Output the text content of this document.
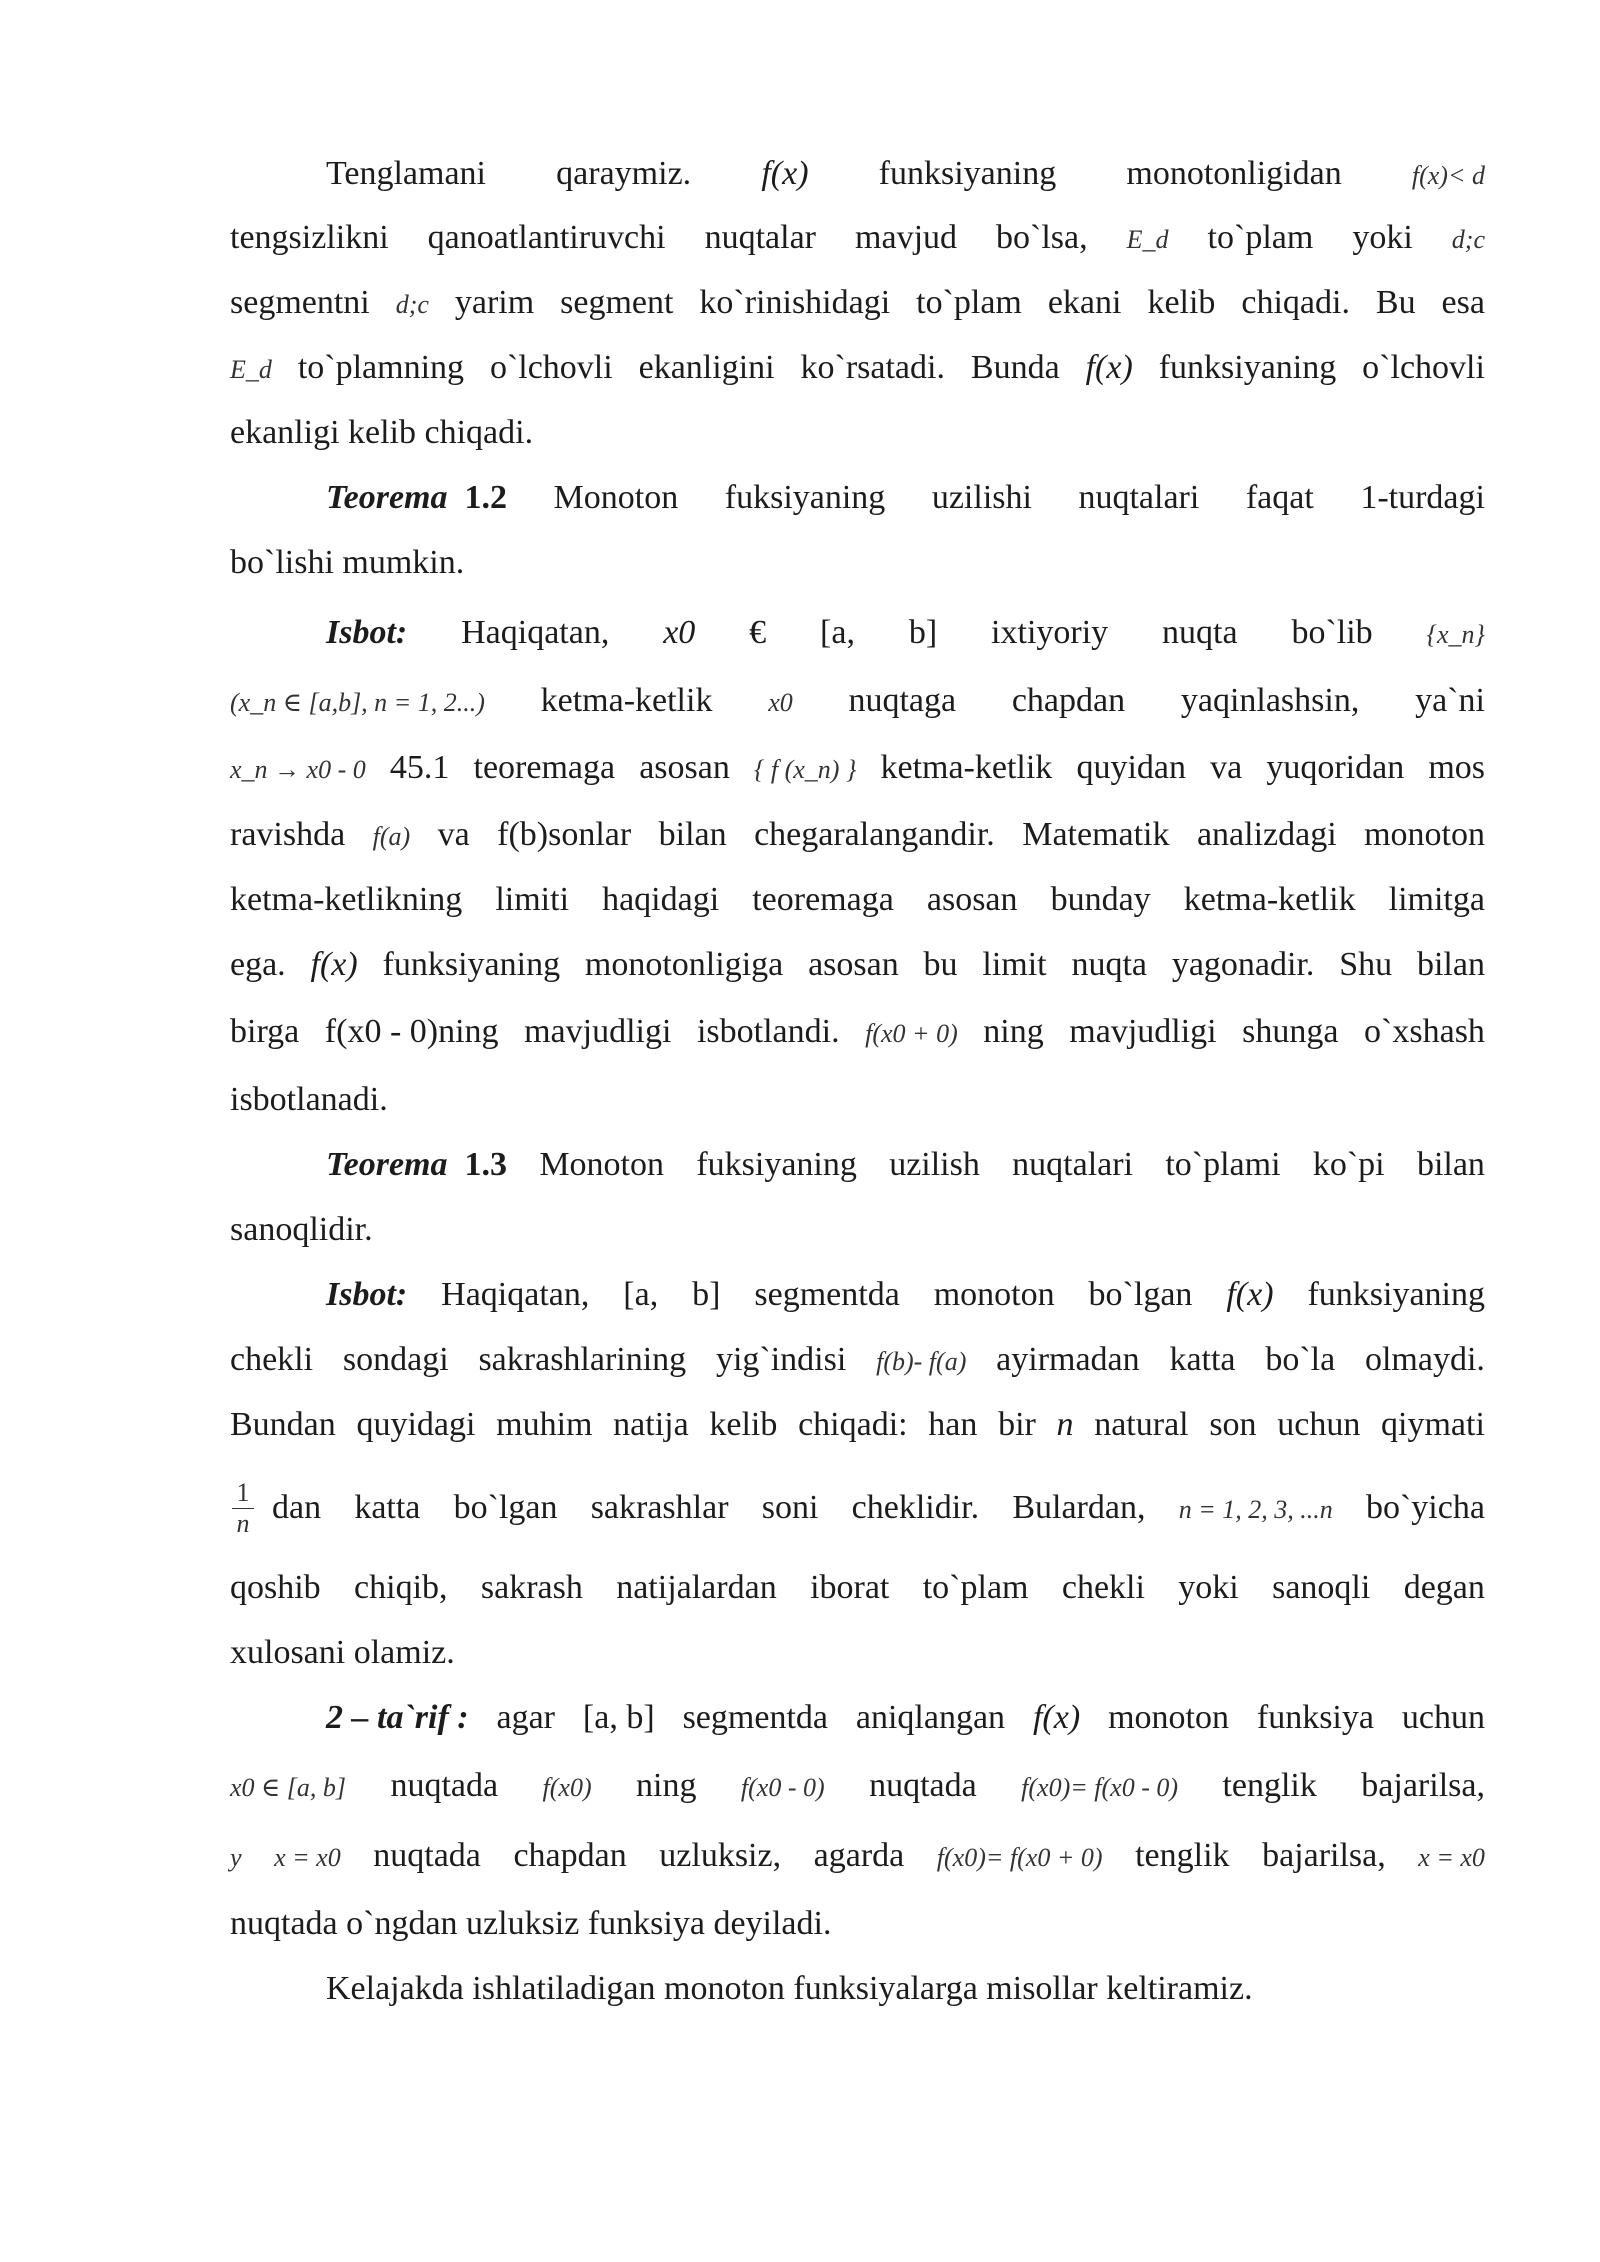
Tenglamani qaraymiz. f(x) funksiyaning monotonligidan	f(x)< d
tengsizlikni qanoatlantiruvchi nuqtalar mavjud bo`lsa, E_d to`plam yoki d;c
segmentni d;c yarim segment ko`rinishidagi to`plam ekani kelib chiqadi. Bu esa
E_d to`plamning o`lchovli ekanligini ko`rsatadi. Bunda f(x) funksiyaning o`lchovli
ekanligi kelib chiqadi.
Teorema 1.2 Monoton fuksiyaning uzilishi nuqtalari faqat 1-turdagi
bo`lishi mumkin.
Isbot: Haqiqatan, x0 € [a, b] ixtiyoriy nuqta bo`lib {x_n}
(x_n ∈ [a,b], n = 1, 2...) ketma-ketlik x0 nuqtaga chapdan yaqinlashsin, ya`ni
x_n → x0 - 0 45.1 teoremaga asosan { f (x_n) } ketma-ketlik quyidan va yuqoridan mos
ravishda f(a) va f(b)sonlar bilan chegaralangandir. Matematik analizdagi monoton
ketma-ketlikning limiti haqidagi teoremaga asosan bunday ketma-ketlik limitga
ega. f(x) funksiyaning monotonligiga asosan bu limit nuqta yagonadir. Shu bilan
birga f(x0 - 0)ning mavjudligi isbotlandi. f(x0 + 0) ning mavjudligi shunga o`xshash
isbotlanadi.
Teorema 1.3 Monoton fuksiyaning uzilish nuqtalari to`plami ko`pi bilan
sanoqlidir.
Isbot: Haqiqatan, [a, b] segmentda monoton bo`lgan f(x) funksiyaning
chekli sondagi sakrashlarining yig`indisi f(b)- f(a) ayirmadan katta bo`la olmaydi.
Bundan quyidagi muhim natija kelib chiqadi: han bir n natural son uchun qiymati
$\frac{1}{n}$ dan katta bo`lgan sakrashlar soni cheklidir. Bulardan, n = 1, 2, 3, ...n bo`yicha
qoshib chiqib, sakrash natijalardan iborat to`plam chekli yoki sanoqli degan
xulosani olamiz.
2 – ta`rif : agar [a, b] segmentda aniqlangan f(x) monoton funksiya uchun
x0 ∈ [a, b] nuqtada f(x0) ning f(x0 - 0) nuqtada f(x0)= f(x0 - 0) tenglik bajarilsa,
y x = x0 nuqtada chapdan uzluksiz, agarda f(x0)= f(x0 + 0) tenglik bajarilsa, x = x0
nuqtada o`ngdan uzluksiz funksiya deyiladi.
Kelajakda ishlatiladigan monoton funksiyalarga misollar keltiramiz.
